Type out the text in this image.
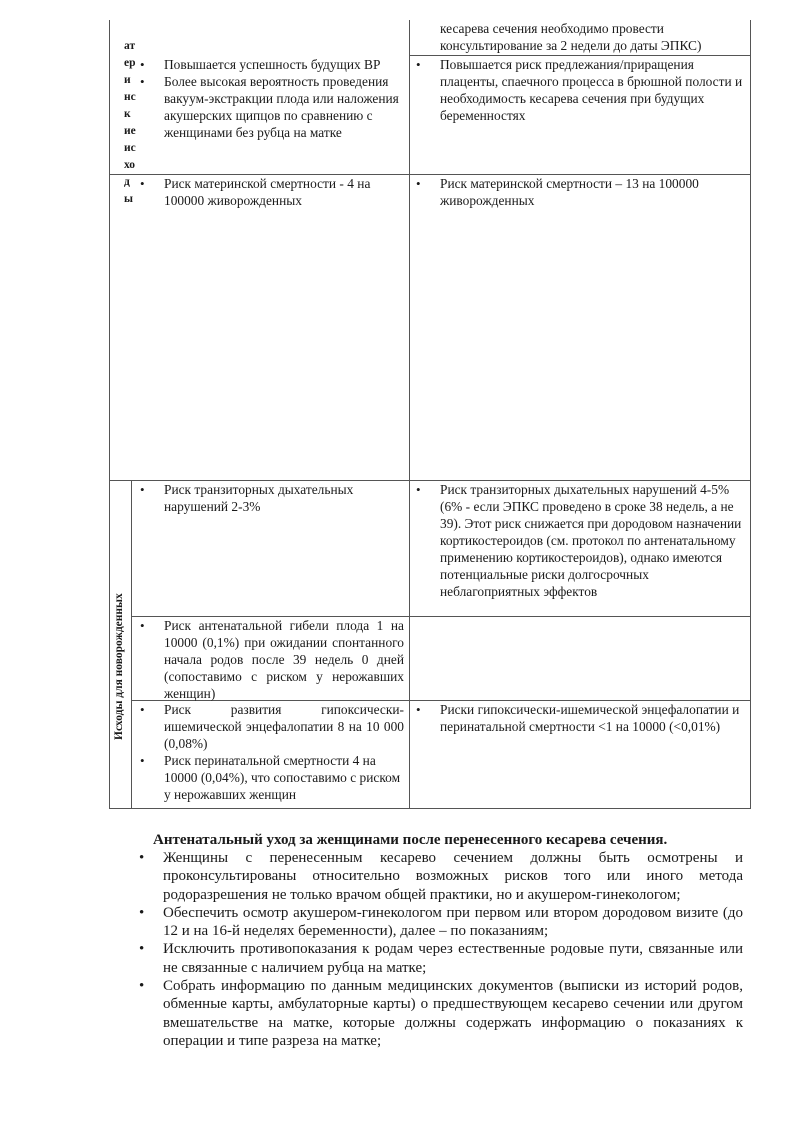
ат
ер
и
нс
к
ие
ис
хо
д
ы
Исходы для новорожденных
кесарева сечения необходимо провести консультирование за 2 недели до даты ЭПКС)
• Повышается успешность будущих ВР
• Более высокая вероятность проведения вакуум-экстракции плода или наложения акушерских щипцов по сравнению с женщинами без рубца на матке
• Повышается риск предлежания/приращения плаценты, спаечного процесса в брюшной полости и необходимость кесарева сечения при будущих беременностях
• Риск материнской смертности - 4 на 100000 живорожденных
• Риск материнской смертности – 13 на 100000 живорожденных
• Риск транзиторных дыхательных нарушений 2-3%
• Риск транзиторных дыхательных нарушений 4-5% (6% - если ЭПКС проведено в сроке 38 недель, а не 39). Этот риск снижается при дородовом назначении кортикостероидов (см. протокол по антенатальному применению кортикостероидов), однако имеются потенциальные риски долгосрочных неблагоприятных эффектов
• Риск антенатальной гибели плода 1 на 10000 (0,1%) при ожидании спонтанного начала родов после 39 недель 0 дней (сопоставимо с риском у нерожавших женщин)
• Риск развития гипоксически-ишемической энцефалопатии 8 на 10 000 (0,08%)
• Риск перинатальной смертности 4 на 10000 (0,04%), что сопоставимо с риском у нерожавших женщин
• Риски гипоксически-ишемической энцефалопатии и перинатальной смертности <1 на 10000 (<0,01%)
Антенатальный уход за женщинами после перенесенного кесарева сечения.
• Женщины с перенесенным кесарево сечением должны быть осмотрены и проконсультированы относительно возможных рисков того или иного метода родоразрешения не только врачом общей практики, но и акушером-гинекологом;
• Обеспечить осмотр акушером-гинекологом при первом или втором дородовом визите (до 12 и на 16-й неделях беременности), далее – по показаниям;
• Исключить противопоказания к родам через естественные родовые пути, связанные или не связанные с наличием рубца на матке;
• Собрать информацию по данным медицинских документов (выписки из историй родов, обменные карты, амбулаторные карты) о предшествующем кесарево сечении или другом вмешательстве на матке, которые должны содержать информацию о показаниях к операции и типе разреза на матке;
